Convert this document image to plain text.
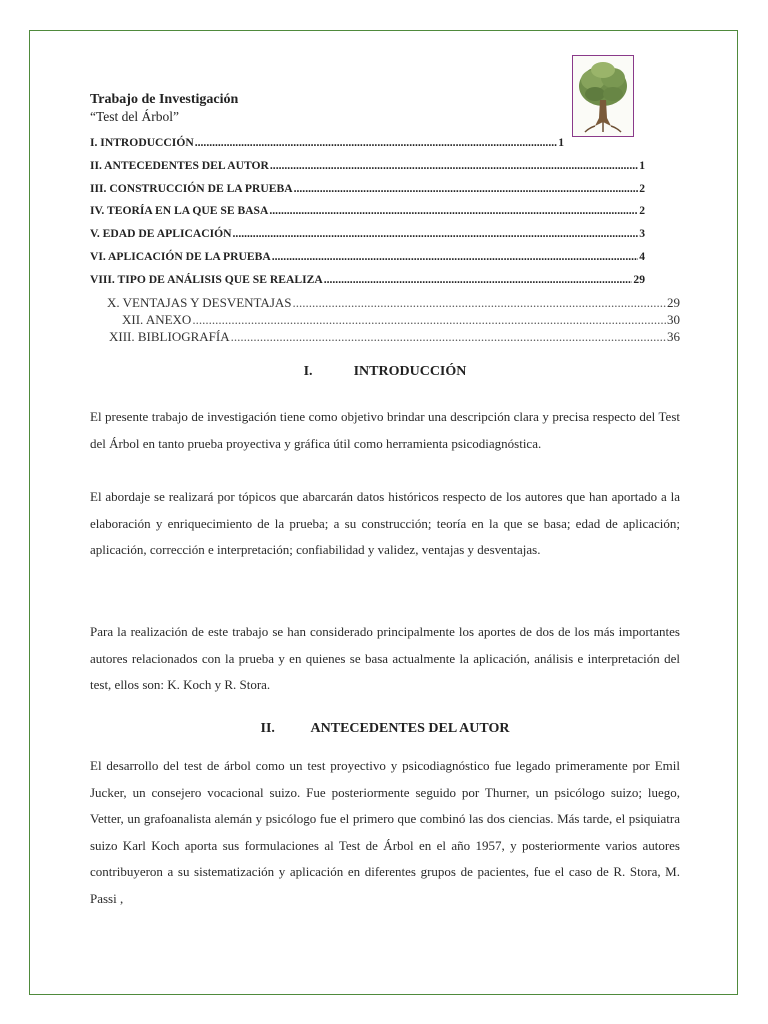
Trabajo de Investigación
“Test del Árbol”
I. INTRODUCCIÓN .....	1
II. ANTECEDENTES DEL AUTOR .....	1
III. CONSTRUCCIÓN DE LA PRUEBA .....	2
IV. TEORÍA EN LA QUE SE BASA .....	2
V. EDAD DE APLICACIÓN .....	3
VI. APLICACIÓN DE LA PRUEBA .....	4
VIII. TIPO DE ANÁLISIS QUE SE REALIZA .....	29
X. VENTAJAS Y DESVENTAJAS .....	29
XII. ANEXO .....	30
XIII. BIBLIOGRAFÍA .....	36
I.	INTRODUCCIÓN
El presente trabajo de investigación tiene como objetivo brindar una descripción clara y precisa respecto del Test del Árbol en tanto prueba proyectiva y gráfica útil como herramienta psicodiagnóstica.
El abordaje se realizará por tópicos que abarcarán datos históricos respecto de los autores que han aportado a la elaboración y enriquecimiento de la prueba; a su construcción; teoría en la que se basa; edad de aplicación; aplicación, corrección e interpretación; confiabilidad y validez, ventajas y desventajas.
Para la realización de este trabajo se han considerado principalmente los aportes de dos de los más importantes autores relacionados con la prueba y en quienes se basa actualmente la aplicación, análisis e interpretación del test, ellos son: K. Koch y R. Stora.
II.	ANTECEDENTES DEL AUTOR
El desarrollo del test de árbol como un test proyectivo y psicodiagnóstico fue legado primeramente por Emil Jucker, un consejero vocacional suizo. Fue posteriormente seguido por Thurner, un psicólogo suizo; luego, Vetter, un grafoanalista alemán y psicólogo fue el primero que combinó las dos ciencias. Más tarde, el psiquiatra suizo Karl Koch aporta sus formulaciones al Test de Árbol en el año 1957, y posteriormente varios autores contribuyeron a su sistematización y aplicación en diferentes grupos de pacientes, fue el caso de R. Stora, M. Passi ,
